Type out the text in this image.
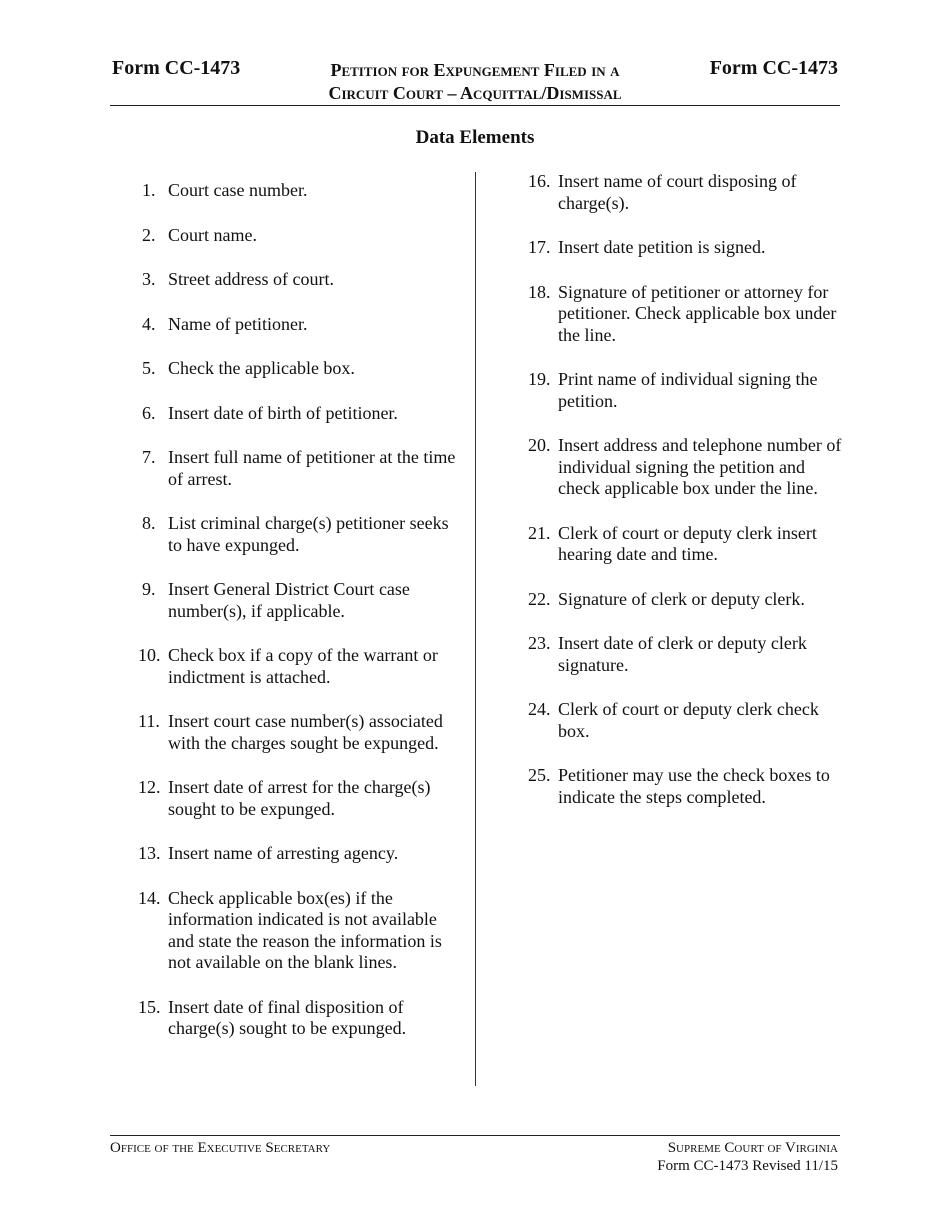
Form CC-1473	Petition for Expungement Filed in a
Circuit Court – Acquittal/Dismissal
Form CC-1473
Data Elements
1. Court case number.
2. Court name.
3. Street address of court.
4. Name of petitioner.
5. Check the applicable box.
6. Insert date of birth of petitioner.
7. Insert full name of petitioner at the time of arrest.
8. List criminal charge(s) petitioner seeks to have expunged.
9. Insert General District Court case number(s), if applicable.
10. Check box if a copy of the warrant or indictment is attached.
11. Insert court case number(s) associated with the charges sought be expunged.
12. Insert date of arrest for the charge(s) sought to be expunged.
13. Insert name of arresting agency.
14. Check applicable box(es) if the information indicated is not available and state the reason the information is not available on the blank lines.
15. Insert date of final disposition of charge(s) sought to be expunged.
16. Insert name of court disposing of charge(s).
17. Insert date petition is signed.
18. Signature of petitioner or attorney for petitioner. Check applicable box under the line.
19. Print name of individual signing the petition.
20. Insert address and telephone number of individual signing the petition and check applicable box under the line.
21. Clerk of court or deputy clerk insert hearing date and time.
22. Signature of clerk or deputy clerk.
23. Insert date of clerk or deputy clerk signature.
24. Clerk of court or deputy clerk check box.
25. Petitioner may use the check boxes to indicate the steps completed.
Office of the Executive Secretary	Supreme Court of Virginia
Form CC-1473 Revised 11/15
